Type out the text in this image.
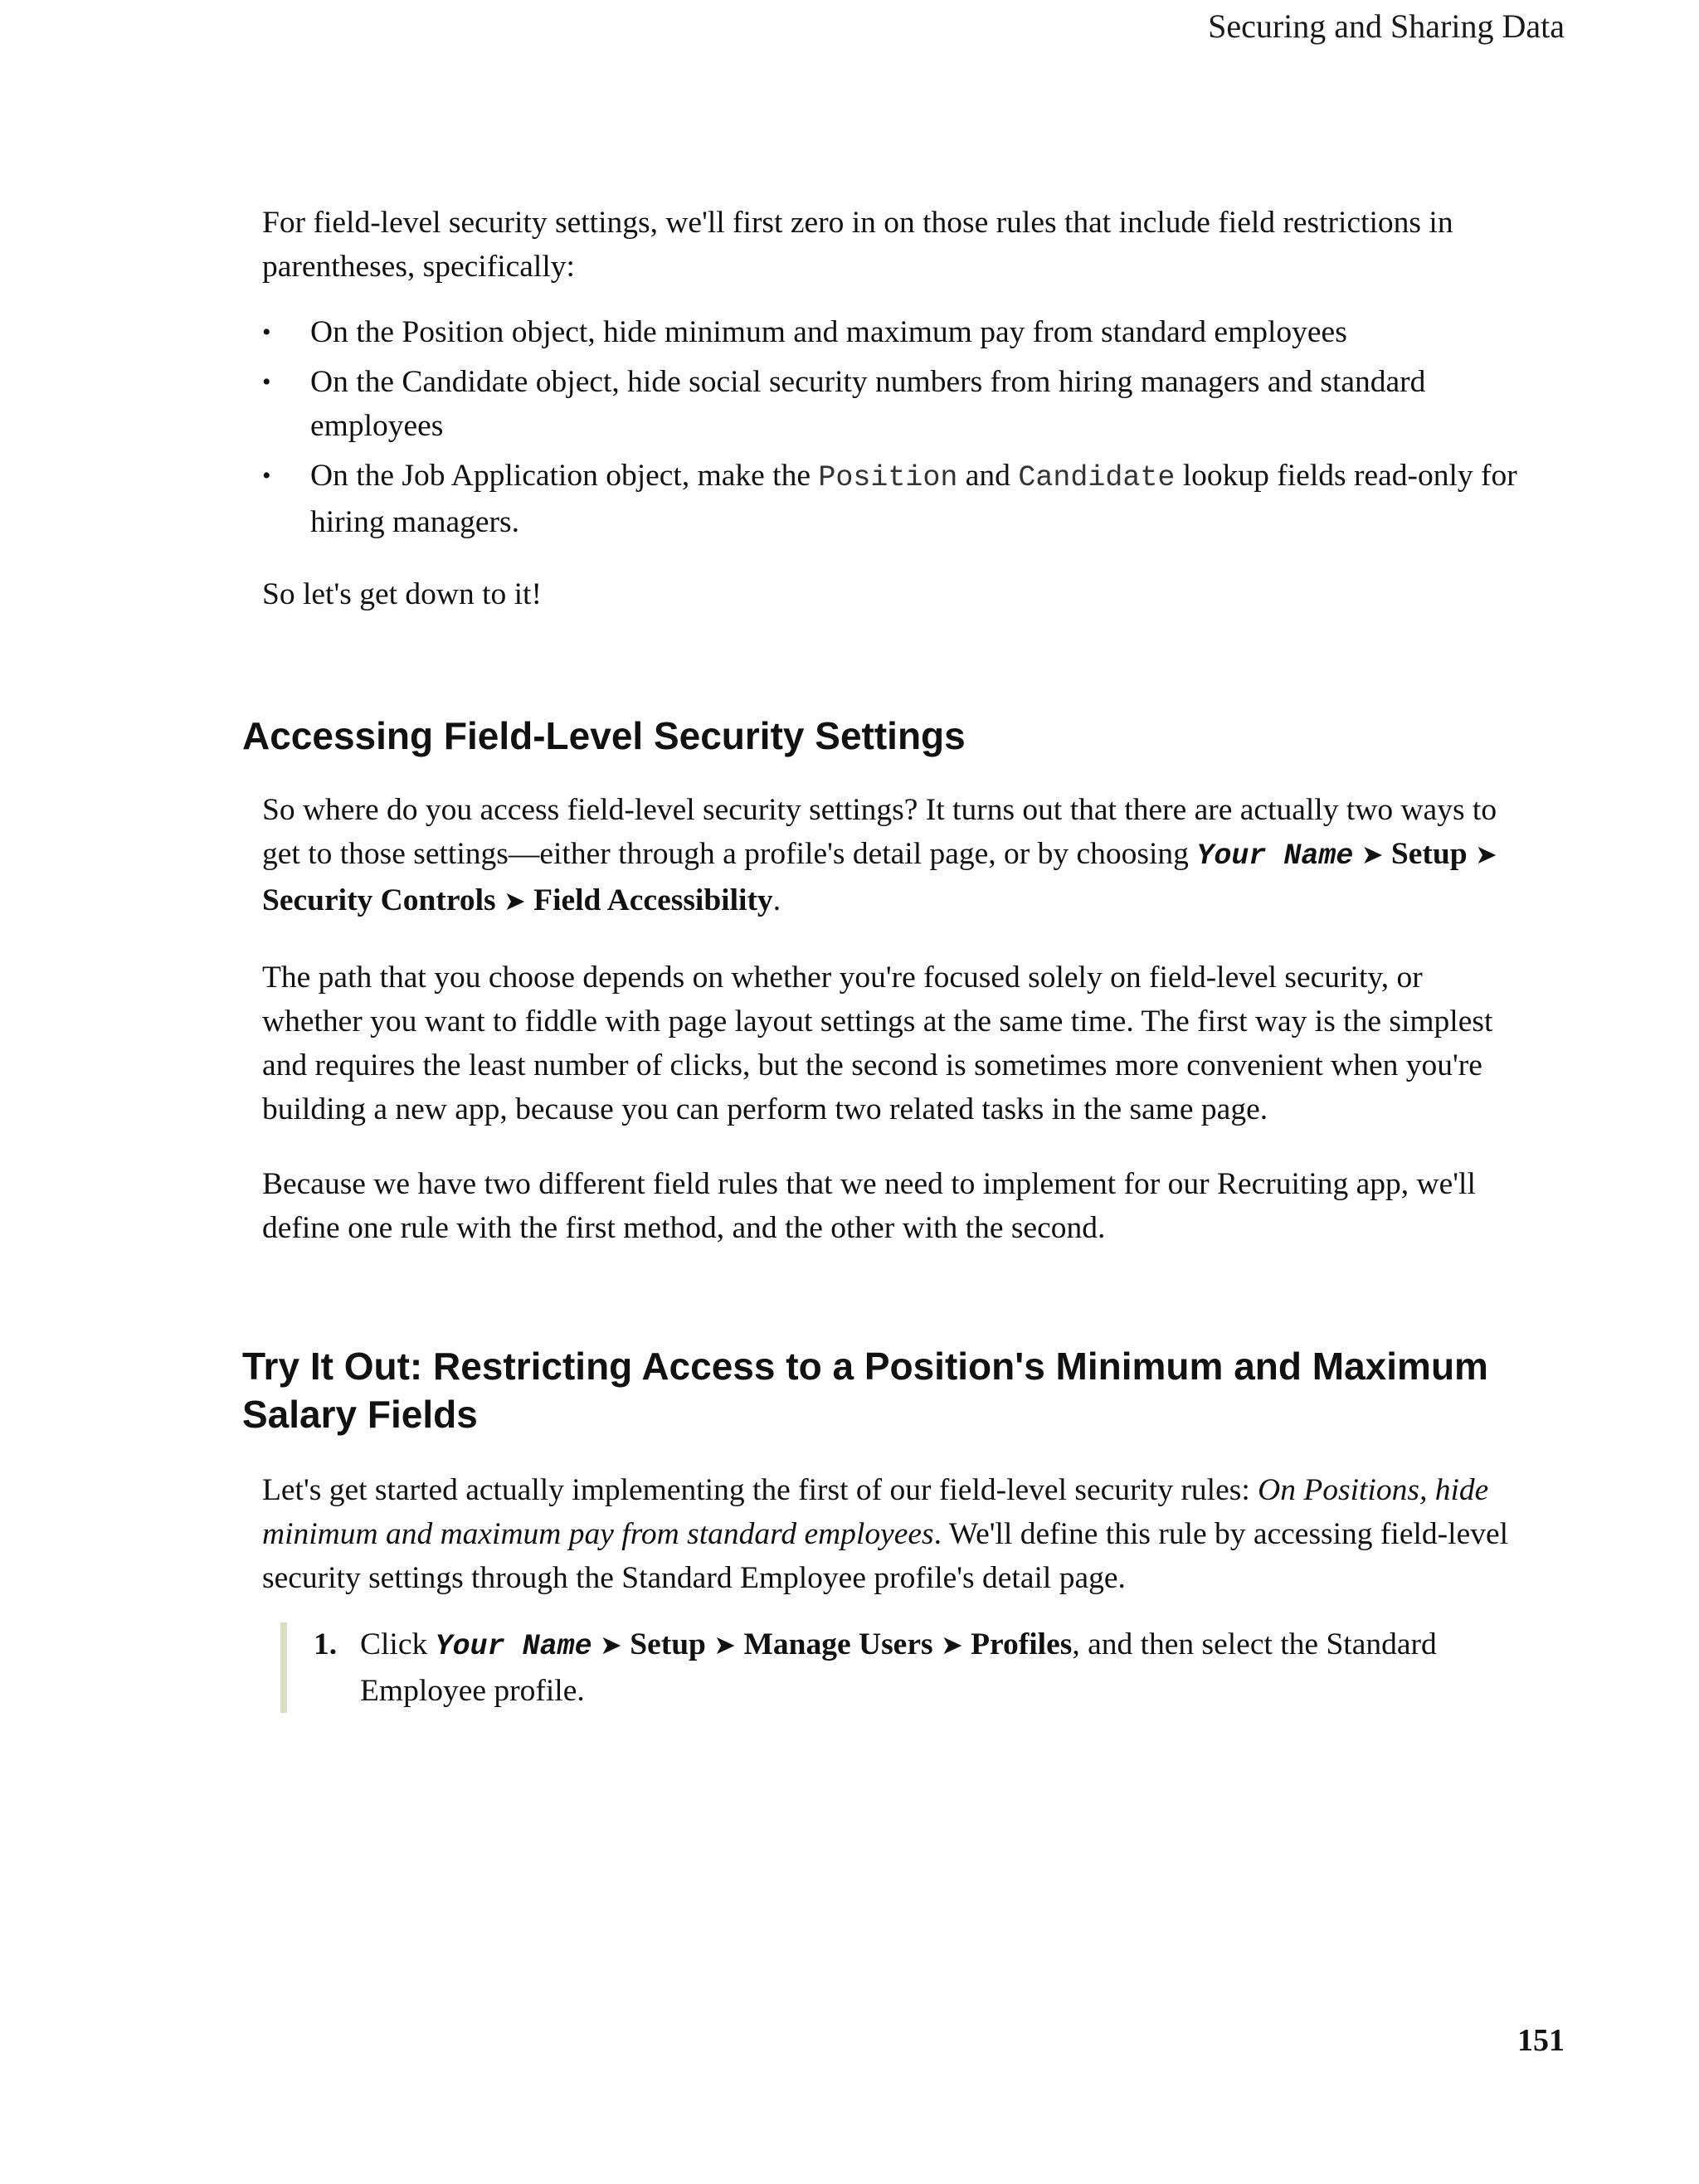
Securing and Sharing Data

For field-level security settings, we'll first zero in on those rules that include field restrictions in parentheses, specifically:

• On the Position object, hide minimum and maximum pay from standard employees
• On the Candidate object, hide social security numbers from hiring managers and standard employees
• On the Job Application object, make the Position and Candidate lookup fields read-only for hiring managers.

So let's get down to it!

Accessing Field-Level Security Settings

So where do you access field-level security settings? It turns out that there are actually two ways to get to those settings—either through a profile's detail page, or by choosing Your Name ➤ Setup ➤ Security Controls ➤ Field Accessibility.

The path that you choose depends on whether you're focused solely on field-level security, or whether you want to fiddle with page layout settings at the same time. The first way is the simplest and requires the least number of clicks, but the second is sometimes more convenient when you're building a new app, because you can perform two related tasks in the same page.

Because we have two different field rules that we need to implement for our Recruiting app, we'll define one rule with the first method, and the other with the second.

Try It Out: Restricting Access to a Position's Minimum and Maximum Salary Fields

Let's get started actually implementing the first of our field-level security rules: On Positions, hide minimum and maximum pay from standard employees. We'll define this rule by accessing field-level security settings through the Standard Employee profile's detail page.

1. Click Your Name ➤ Setup ➤ Manage Users ➤ Profiles, and then select the Standard Employee profile.
151
